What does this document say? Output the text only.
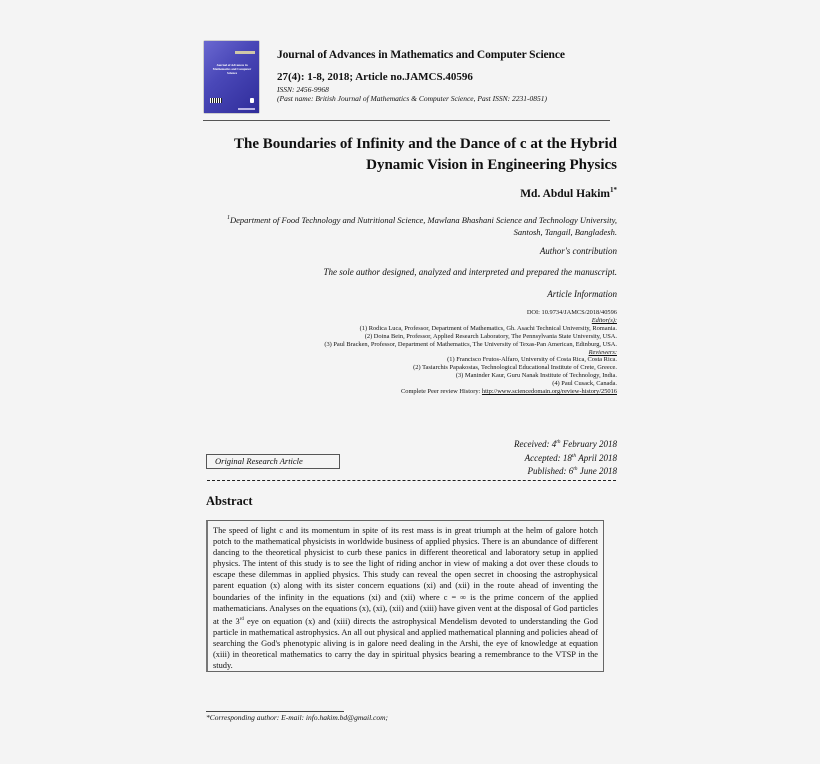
Journal of Advances in Mathematics and Computer Science
Journal of Advances in Mathematics and Computer Science
27(4): 1-8, 2018; Article no.JAMCS.40596
ISSN: 2456-9968
(Past name: British Journal of Mathematics & Computer Science, Past ISSN: 2231-0851)
The Boundaries of Infinity and the Dance of c at the Hybrid Dynamic Vision in Engineering Physics
Md. Abdul Hakim$^{1*}$
$^1$Department of Food Technology and Nutritional Science, Mawlana Bhashani Science and Technology University, Santosh, Tangail, Bangladesh.
Author's contribution
The sole author designed, analyzed and interpreted and prepared the manuscript.
Article Information
DOI: 10.9734/JAMCS/2018/40596
Editor(s):
(1) Rodica Luca, Professor, Department of Mathematics, Gh. Asachi Technical University, Romania.
(2) Doina Bein, Professor, Applied Research Laboratory, The Pennsylvania State University, USA.
(3) Paul Bracken, Professor, Department of Mathematics, The University of Texas-Pan American, Edinburg, USA.
Reviewers:
(1) Francisco Frutos-Alfaro, University of Costa Rica, Costa Rica.
(2) Tasiarchis Papakostas, Technological Educational Institute of Crete, Greece.
(3) Maninder Kaur, Guru Nanak Institute of Technology, India.
(4) Paul Cusack, Canada.
Complete Peer review History: http://www.sciencedomain.org/review-history/25016
Received: 4th February 2018
Accepted: 18th April 2018
Published: 6th June 2018
Original Research Article
Abstract

The speed of light c and its momentum in spite of its rest mass is in great triumph at the helm of galore hotch potch to the mathematical physicists in worldwide business of applied physics. There is an abundance of different dancing to the theoretical physicist to curb these panics in different theoretical and laboratory setup in applied physics. The intent of this study is to see the light of riding anchor in view of making a dot over these clouds to escape these dilemmas in applied physics. This study can reveal the open secret in choosing the astrophysical parent equation (x) along with its sister concern equations (xi) and (xii) in the route ahead of inventing the boundaries of the infinity in the equations (xi) and (xii) where c = ∞ is the prime concern of the applied mathematicians. Analyses on the equations (x), (xi), (xii) and (xiii) have given vent at the disposal of God particles at the 3rd eye on equation (x) and (xiii) directs the astrophysical Mendelism devoted to understanding the God particle in mathematical astrophysics. An all out physical and applied mathematical planning and policies ahead of searching the God's phenotypic aliving is in galore need dealing in the Arshi, the eye of knowledge at equation (xiii) in theoretical mathematics to carry the day in spiritual physics bearing a remembrance to the VTSP in the study.

*Corresponding author: E-mail: info.hakim.bd@gmail.com;
